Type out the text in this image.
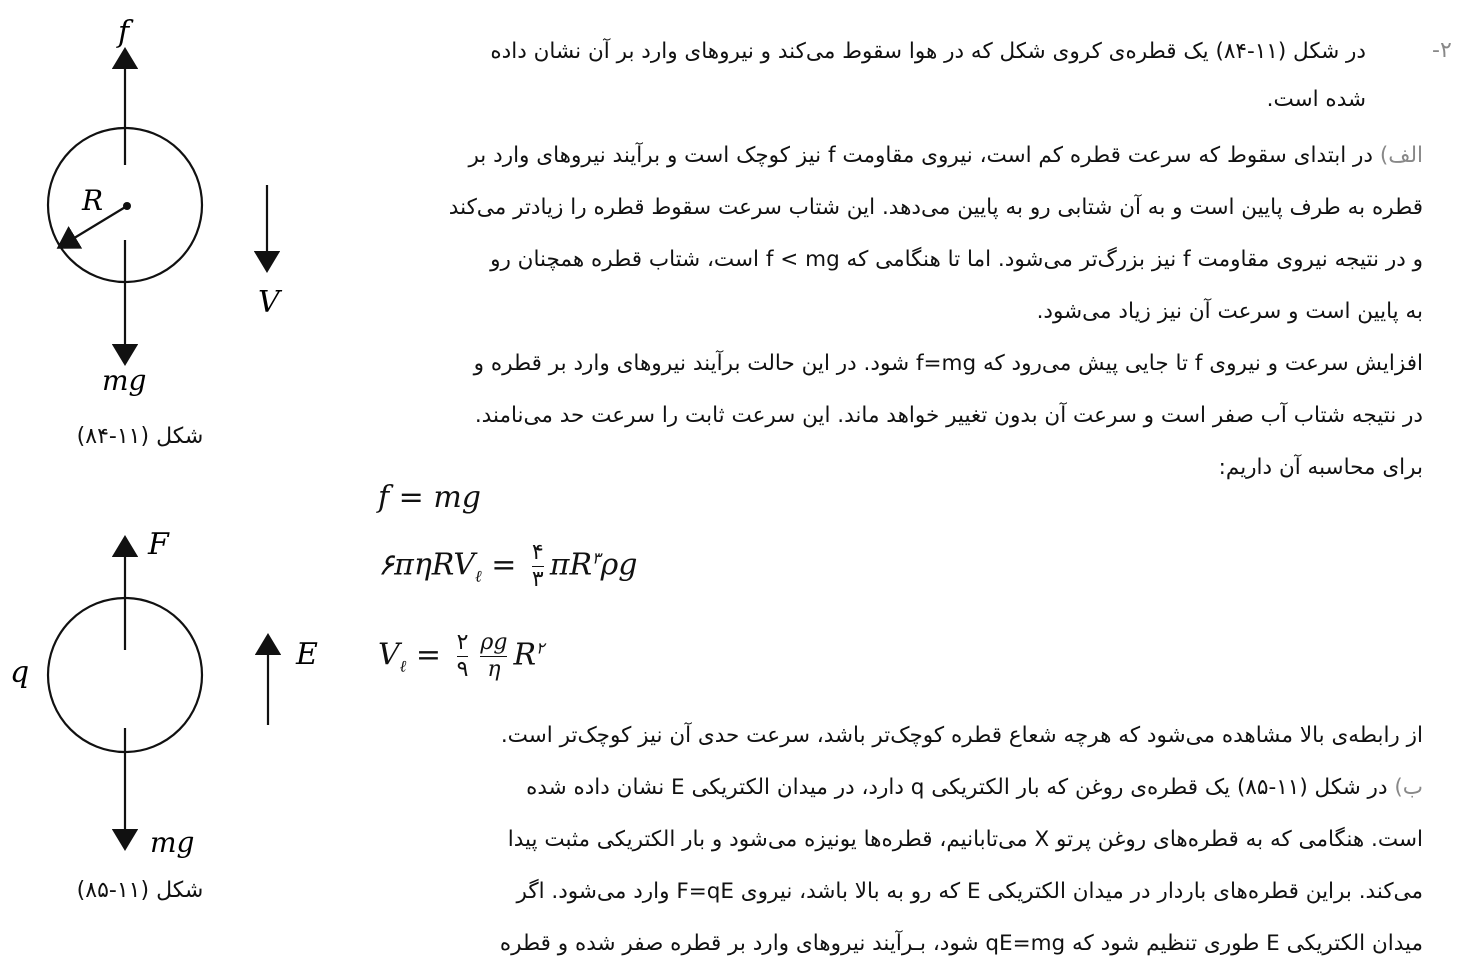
f
R
V
mg
شکل (۱۱-۸۴)
F
E
q
mg
شکل (۱۱-۸۵)
۲-
در شکل (۱۱-۸۴) یک قطره‌ی کروی شکل که در هوا سقوط می‌کند و نیروهای وارد بر آن نشان داده
شده است.
الف) در ابتدای سقوط که سرعت قطره کم است، نیروی مقاومت f نیز کوچک است و برآیند نیروهای وارد بر
قطره به طرف پایین است و به آن شتابی رو به پایین می‌دهد. این شتاب سرعت سقوط قطره را زیادتر می‌کند
و در نتیجه نیروی مقاومت f نیز بزرگ‌تر می‌شود. اما تا هنگامی که f < mg است، شتاب قطره همچنان رو
به پایین است و سرعت آن نیز زیاد می‌شود.
افزایش سرعت و نیروی f تا جایی پیش می‌رود که f=mg شود. در این حالت برآیند نیروهای وارد بر قطره و
در نتیجه شتاب آب صفر است و سرعت آن بدون تغییر خواهد ماند. این سرعت ثابت را سرعت حد می‌نامند.
برای محاسبه آن داریم:
f = mg
۶πηRV$_\ell$ = $\frac{۴}{۳} \pi R^۳\rho g$
$V_\ell = \frac{۲}{۹} \frac{\rho g}{\eta} R^۲$
از رابطه‌ی بالا مشاهده می‌شود که هرچه شعاع قطره کوچک‌تر باشد، سرعت حدی آن نیز کوچک‌تر است.
ب) در شکل (۱۱-۸۵) یک قطره‌ی روغن که بار الکتریکی q دارد، در میدان الکتریکی E نشان داده شده
است. هنگامی که به قطره‌های روغن پرتو X می‌تابانیم، قطره‌ها یونیزه می‌شود و بار الکتریکی مثبت پیدا
می‌کند. براین قطره‌های باردار در میدان الکتریکی E که رو به بالا باشد، نیروی F=qE وارد می‌شود. اگر
میدان الکتریکی E طوری تنظیم شود که qE=mg شود، بـرآیند نیروهای وارد بر قطره صفر شده و قطره
